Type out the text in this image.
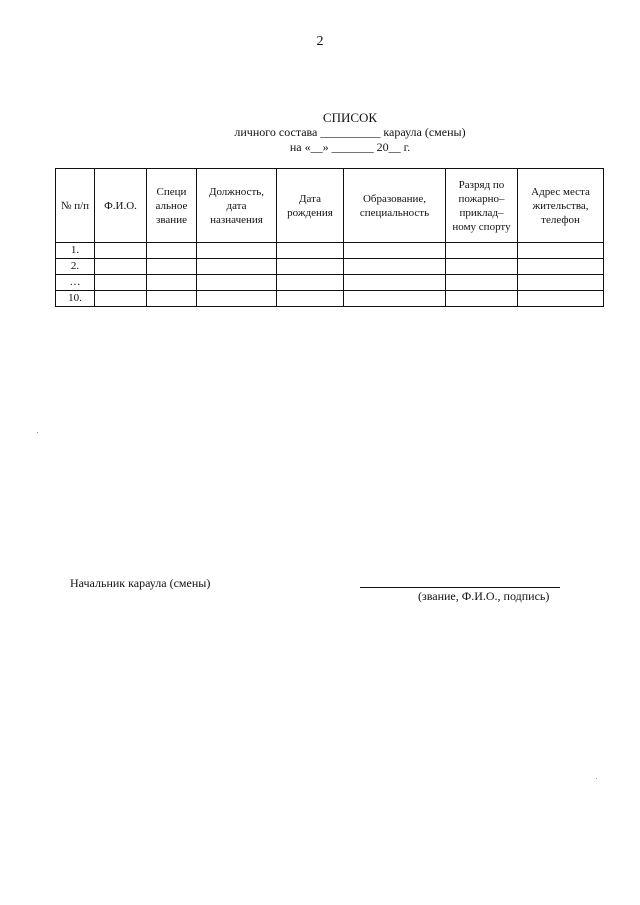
2
СПИСОК
личного состава __________ караула (смены)
на «__» _______ 20__ г.
№ п/п	Ф.И.О.	Специ альное звание	Должность, дата назначения	Дата рождения	Образование, специальность	Разряд по пожарно– приклад– ному спорту	Адрес места жительства, телефон
1.							
2.							
…							
10.							
Начальник караула (смены)
(звание, Ф.И.О., подпись)
